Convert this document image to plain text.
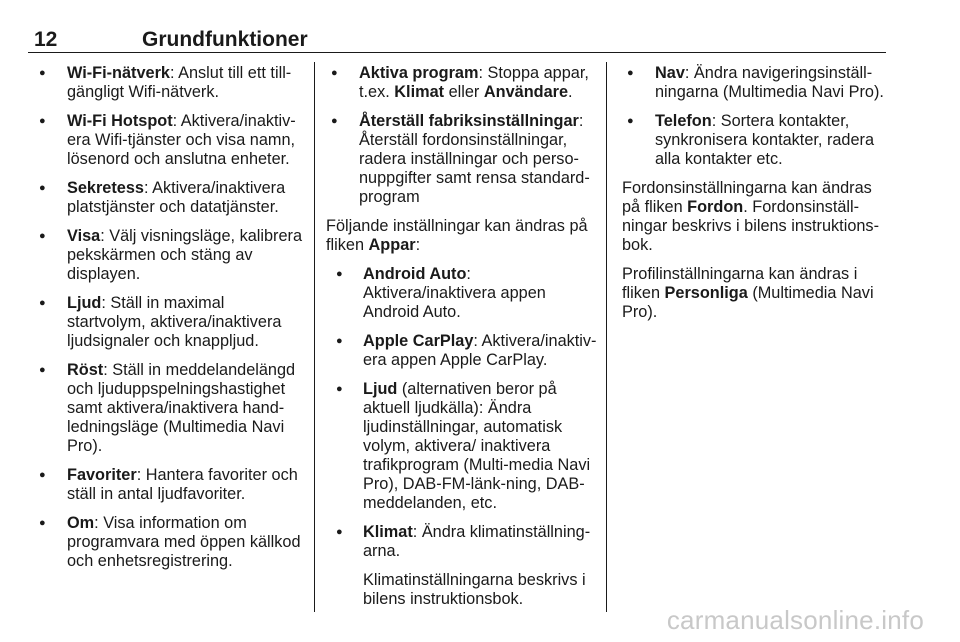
12	Grundfunktioner
● Wi-Fi-nätverk: Anslut till ett till-gängligt Wifi-nätverk.
● Wi-Fi Hotspot: Aktivera/inaktiv-era Wifi-tjänster och visa namn, lösenord och anslutna enheter.
● Sekretess: Aktivera/inaktivera platstjänster och datatjänster.
● Visa: Välj visningsläge, kalibrera pekskärmen och stäng av displayen.
● Ljud: Ställ in maximal startvolym, aktivera/inaktivera ljudsignaler och knappljud.
● Röst: Ställ in meddelandelängd och ljuduppspelningshastighet samt aktivera/inaktivera hand-ledningsläge (Multimedia Navi Pro).
● Favoriter: Hantera favoriter och ställ in antal ljudfavoriter.
● Om: Visa information om programvara med öppen källkod och enhetsregistrering.
● Aktiva program: Stoppa appar, t.ex. Klimat eller Användare.
● Återställ fabriksinställningar: Återställ fordonsinställningar, radera inställningar och perso-nuppgifter samt rensa standard-program

Följande inställningar kan ändras på fliken Appar:

● Android Auto: Aktivera/inaktivera appen Android Auto.
● Apple CarPlay: Aktivera/inaktiv-era appen Apple CarPlay.
● Ljud (alternativen beror på aktuell ljudkälla): Ändra ljudinställningar, automatisk volym, aktivera/ inaktivera trafikprogram (Multi-media Navi Pro), DAB-FM-länk-ning, DAB-meddelanden, etc.
● Klimat: Ändra klimatinställning-arna.

Klimatinställningarna beskrivs i bilens instruktionsbok.

● Nav: Ändra navigeringsinställ-ningarna (Multimedia Navi Pro).
● Telefon: Sortera kontakter, synkronisera kontakter, radera alla kontakter etc.

Fordonsinställningarna kan ändras på fliken Fordon. Fordonsinställ-ningar beskrivs i bilens instruktions-bok.

Profilinställningarna kan ändras i fliken Personliga (Multimedia Navi Pro).

carmanualsonline.info
